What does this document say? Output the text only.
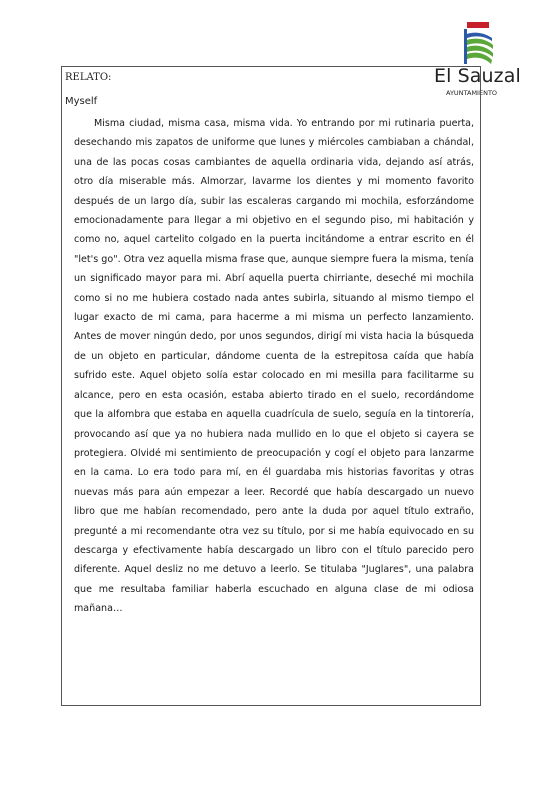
El Sauzal
AYUNTAMIENTO
RELATO:
Myself

Misma ciudad, misma casa, misma vida. Yo entrando por mi rutinaria puerta, desechando mis zapatos de uniforme que lunes y miércoles cambiaban a chándal, una de las pocas cosas cambiantes de aquella ordinaria vida, dejando así atrás, otro día miserable más. Almorzar, lavarme los dientes y mi momento favorito después de un largo día, subir las escaleras cargando mi mochila, esforzándome emocionadamente para llegar a mi objetivo en el segundo piso, mi habitación y como no, aquel cartelito colgado en la puerta incitándome a entrar escrito en él "let's go". Otra vez aquella misma frase que, aunque siempre fuera la misma, tenía un significado mayor para mi. Abrí aquella puerta chirriante, deseché mi mochila como si no me hubiera costado nada antes subirla, situando al mismo tiempo el lugar exacto de mi cama, para hacerme a mi misma un perfecto lanzamiento. Antes de mover ningún dedo, por unos segundos, dirigí mi vista hacia la búsqueda de un objeto en particular, dándome cuenta de la estrepitosa caída que había sufrido este. Aquel objeto solía estar colocado en mi mesilla para facilitarme su alcance, pero en esta ocasión, estaba abierto tirado en el suelo, recordándome que la alfombra que estaba en aquella cuadrícula de suelo, seguía en la tintorería, provocando así que ya no hubiera nada mullido en lo que el objeto si cayera se protegiera. Olvidé mi sentimiento de preocupación y cogí el objeto para lanzarme en la cama. Lo era todo para mí, en él guardaba mis historias favoritas y otras nuevas más para aún empezar a leer. Recordé que había descargado un nuevo libro que me habían recomendado, pero ante la duda por aquel título extraño, pregunté a mi recomendante otra vez su título, por si me había equivocado en su descarga y efectivamente había descargado un libro con el título parecido pero diferente. Aquel desliz no me detuvo a leerlo. Se titulaba "Juglares", una palabra que me resultaba familiar haberla escuchado en alguna clase de mi odiosa mañana…
